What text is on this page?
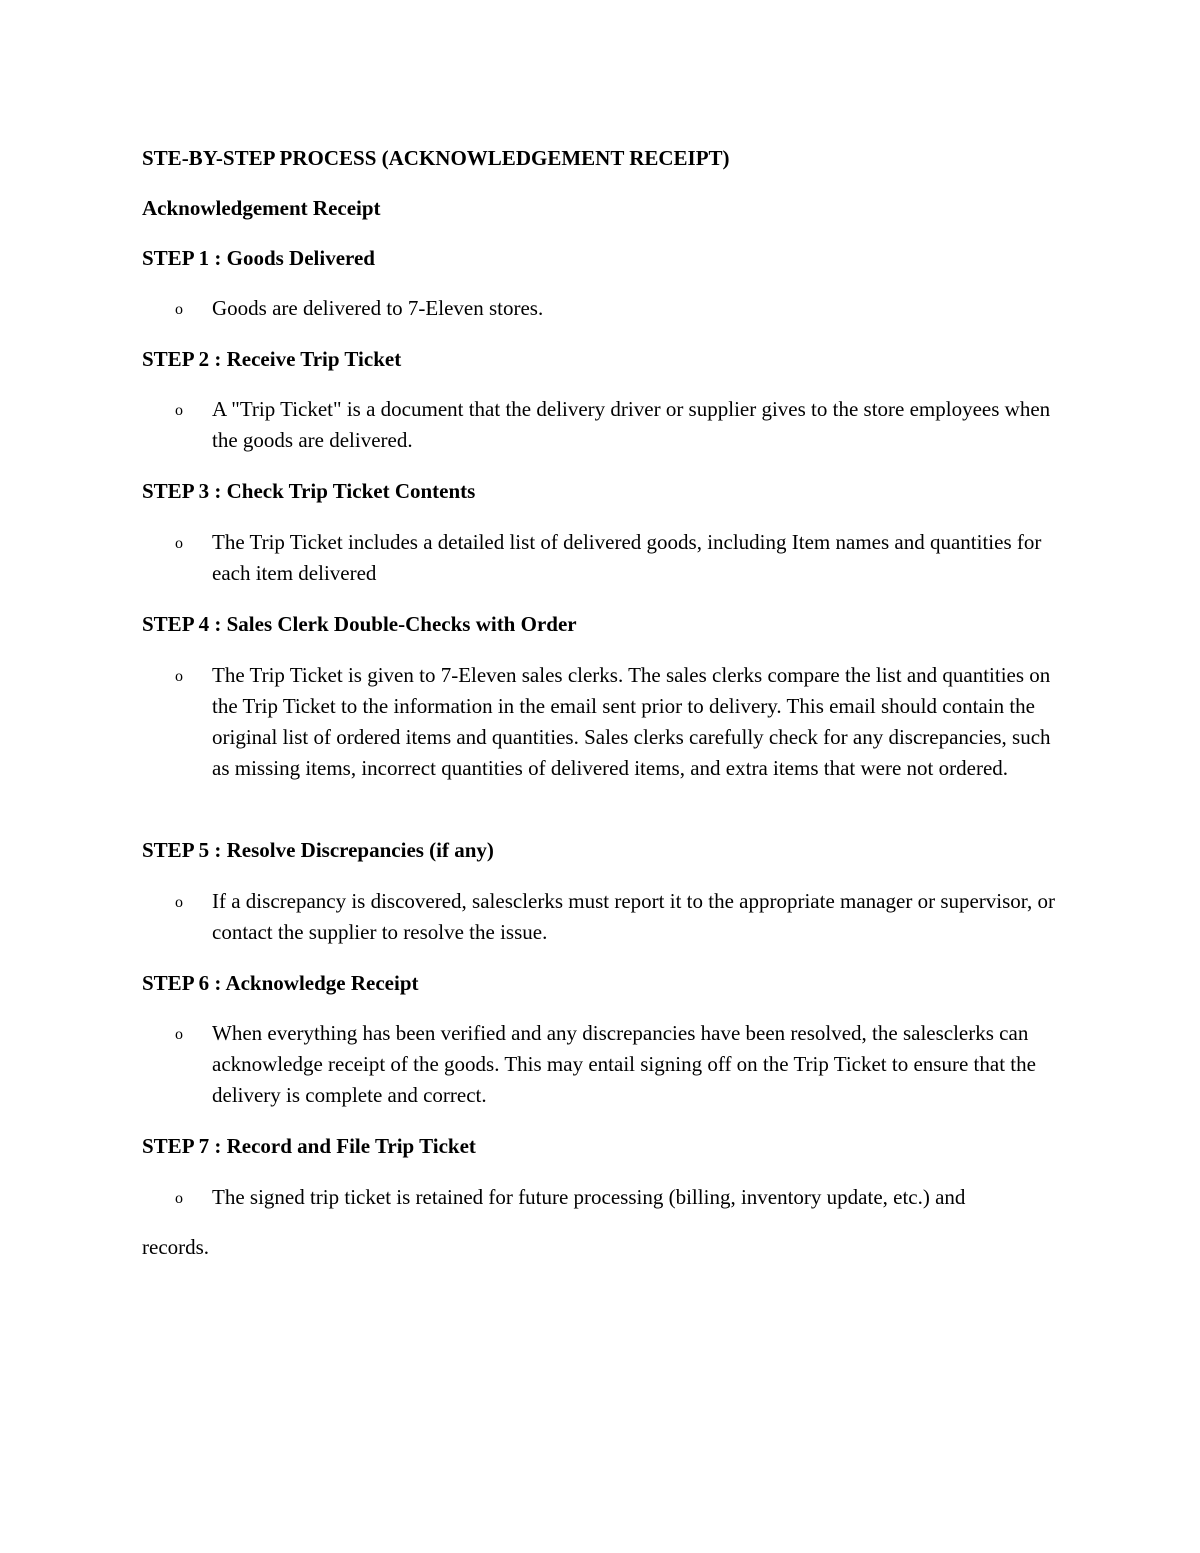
STE-BY-STEP PROCESS (ACKNOWLEDGEMENT RECEIPT)
Acknowledgement Receipt
STEP 1 : Goods Delivered
o	Goods are delivered to 7-Eleven stores.

STEP 2 : Receive Trip Ticket
o	A "Trip Ticket" is a document that the delivery driver or supplier gives to the store employees when the goods are delivered.

STEP 3 : Check Trip Ticket Contents
o	The Trip Ticket includes a detailed list of delivered goods, including Item names and quantities for each item delivered

STEP 4 : Sales Clerk Double-Checks with Order
o	The Trip Ticket is given to 7-Eleven sales clerks. The sales clerks compare the list and quantities on the Trip Ticket to the information in the email sent prior to delivery. This email should contain the original list of ordered items and quantities. Sales clerks carefully check for any discrepancies, such as missing items, incorrect quantities of delivered items, and extra items that were not ordered.

STEP 5 : Resolve Discrepancies (if any)
o	If a discrepancy is discovered, salesclerks must report it to the appropriate manager or supervisor, or contact the supplier to resolve the issue.

STEP 6 : Acknowledge Receipt
o	When everything has been verified and any discrepancies have been resolved, the salesclerks can acknowledge receipt of the goods. This may entail signing off on the Trip Ticket to ensure that the delivery is complete and correct.

STEP 7 : Record and File Trip Ticket
o	The signed trip ticket is retained for future processing (billing, inventory update, etc.) and

records.
